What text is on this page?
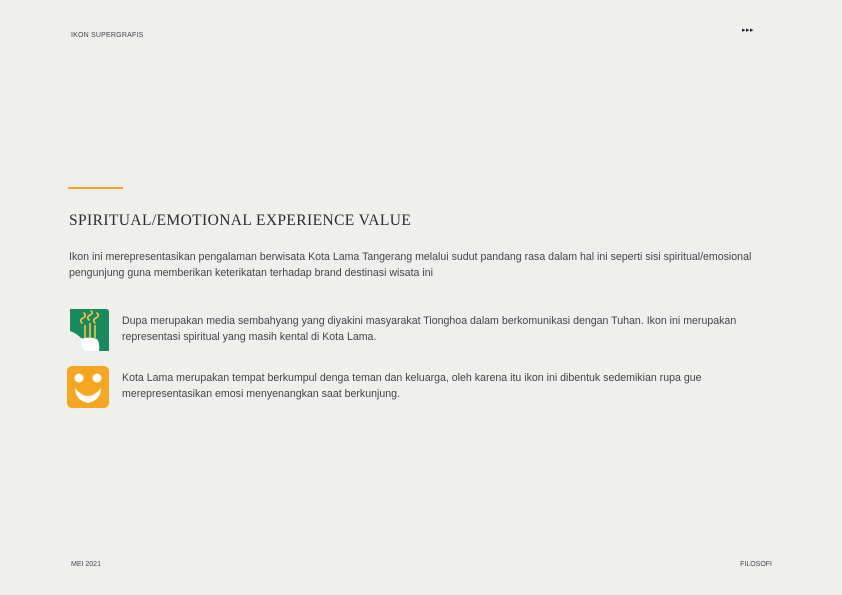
IKON SUPERGRAFIS
▸▸▸
SPIRITUAL/EMOTIONAL EXPERIENCE VALUE
Ikon ini merepresentasikan pengalaman berwisata Kota Lama Tangerang melalui sudut pandang rasa dalam hal ini seperti sisi spiritual/emosional pengunjung guna memberikan keterikatan terhadap brand destinasi wisata ini
Dupa merupakan media sembahyang yang diyakini masyarakat Tionghoa dalam berkomunikasi dengan Tuhan. Ikon ini merupakan representasi spiritual yang masih kental di Kota Lama.
Kota Lama merupakan tempat berkumpul denga teman dan keluarga, oleh karena itu ikon ini dibentuk sedemikian rupa gue merepresentasikan emosi menyenangkan saat berkunjung.
MEI 2021	FILOSOFI
